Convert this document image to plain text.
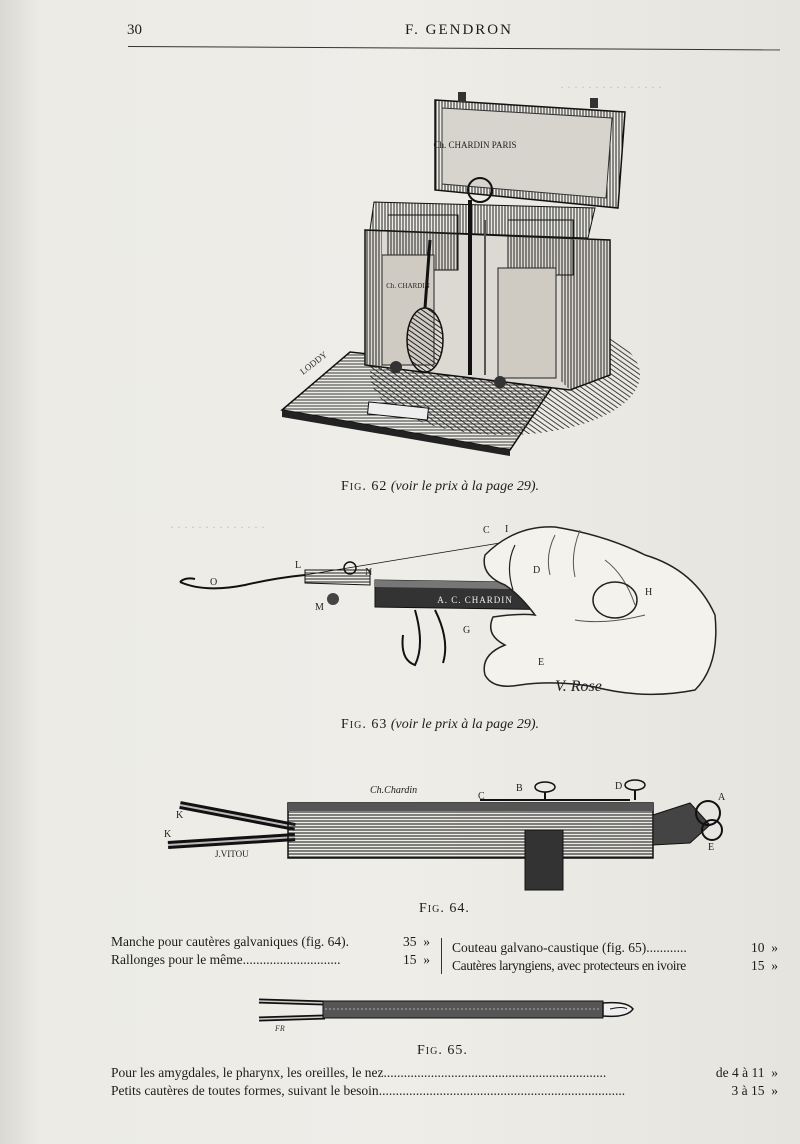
30	F. GENDRON
· · · · · · · · · · · · · · ·
· · · · · · · · · · · · · ·
Ch. CHARDIN PARIS
Ch. CHARDIN
LODDY
Fig. 62 (voir le prix à la page 29).
A. C. CHARDIN
O
L
M
N
C I
D
H
G
E
V. Rose
Fig. 63 (voir le prix à la page 29).
Ch.Chardin
J.VITOU
K
K
C
B	D
A
E
Fig. 64.
Manche pour cautères galvaniques (fig. 64).	35 »
Rallonges pour le même.............................	15 »
Couteau galvano-caustique (fig. 65)............	10 »
Cautères laryngiens, avec protecteurs en ivoire	15 »
FR
Fig. 65.
Pour les amygdales, le pharynx, les oreilles, le nez..................................................................	de 4 à 11 »
Petits cautères de toutes formes, suivant le besoin.........................................................................	3 à 15 »
